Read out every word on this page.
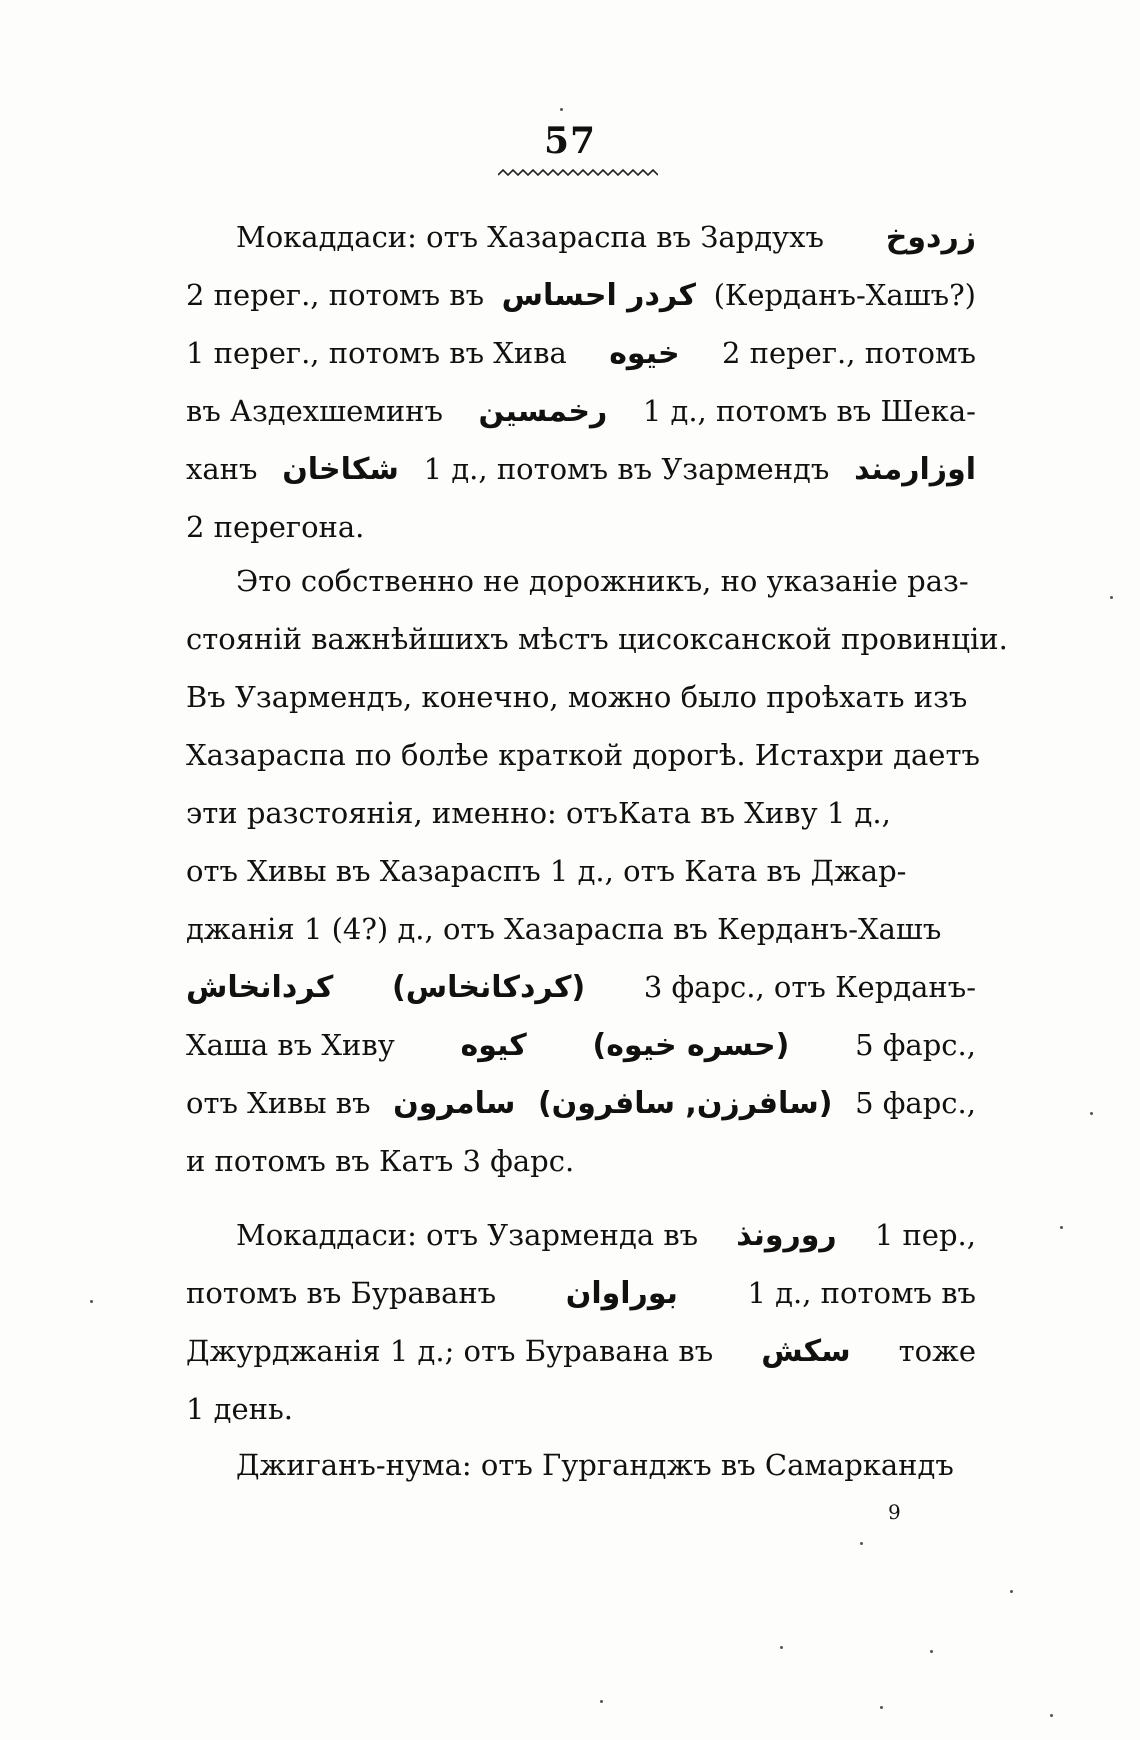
57
Мокаддаси: отъ Хазараспа въ Зардухъ زردوخ
2 перег., потомъ въ کردر احساس (Керданъ-Хашъ?)
1 перег., потомъ въ Хива خیوه 2 перег., потомъ
въ Аздехшеминъ رخمسین 1 д., потомъ въ Шека-
ханъ شکاخان 1 д., потомъ въ Узармендъ اوزارمند
2 перегона.
Это собственно не дорожникъ, но указаніе раз-
стояній важнѣйшихъ мѣстъ цисоксанской провинціи.
Въ Узармендъ, конечно, можно было проѣхать изъ
Хазараспа по болѣе краткой дорогѣ. Истахри даетъ
эти разстоянія, именно: отъКата въ Хиву 1 д.,
отъ Хивы въ Хазараспъ 1 д., отъ Ката въ Джар-
джанія 1 (4?) д., отъ Хазараспа въ Керданъ-Хашъ
کردانخاش (کردکانخاس) 3 фарс., отъ Керданъ-
Хаша въ Хиву کیوه (حسره خیوه) 5 фарс.,
отъ Хивы въ سامرون (سافرزن, سافرون) 5 фарс.,
и потомъ въ Катъ 3 фарс.
Мокаддаси: отъ Узарменда въ رورونذ 1 пер.,
потомъ въ Бураванъ بوراوان 1 д., потомъ въ
Джурджанія 1 д.; отъ Буравана въ سکش тоже
1 день.
Джиганъ-нума: отъ Гурганджъ въ Самаркандъ
9
